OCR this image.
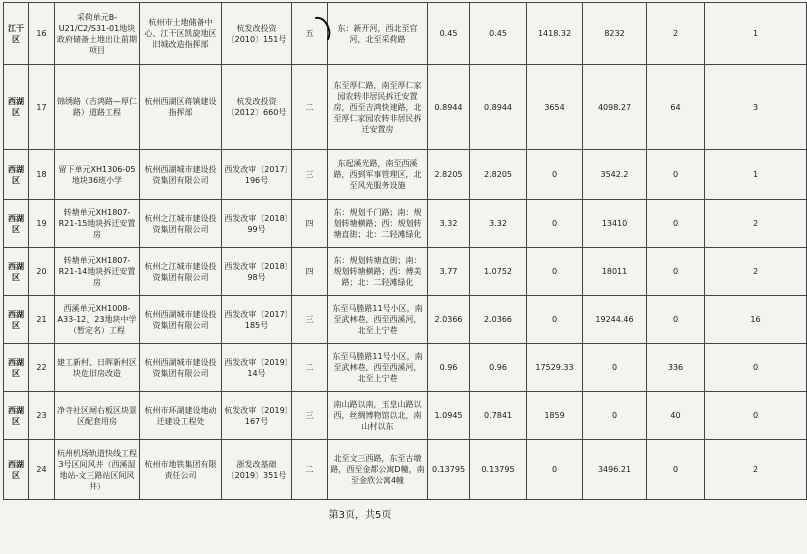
江干区	16	采荷单元B-U21/C2/S31-01地块政府储备土地出让前期项目	杭州市土地储备中心、江干区凯旋地区旧城改造指挥部	杭发改投资〔2010〕151号	五	东：新开河，西北至官河，北至采荷路	0.45	0.45	1418.32	8232	2	1
西湖区	17	锦绣路（吉鸿路—厚仁路）道路工程	杭州西湖区蒋镇建设指挥部	杭发改投资〔2012〕660号	二	东至厚仁路，南至厚仁家园农转非居民拆迁安置房，西至吉鸿快速路，北至厚仁家园农转非居民拆迁安置房	0.8944	0.8944	3654	4098.27	64	3
西湖区	18	留下单元XH1306-05地块36班小学	杭州西湖城市建设投资集团有限公司	西发改审〔2017〕196号	三	东起溪光路，南至西溪路，西到军事管理区，北至风光服务设施	2.8205	2.8205	0	3542.2	0	1
西湖区	19	转塘单元XH1807-R21-15地块拆迁安置房	杭州之江城市建设投资集团有限公司	西发改审〔2018〕99号	四	东：规划千门路；南：规划转塘横路；西：规划转塘直街；北：二轻滩绿化	3.32	3.32	0	13410	0	2
西湖区	20	转塘单元XH1807-R21-14地块拆迁安置房	杭州之江城市建设投资集团有限公司	西发改审〔2018〕98号	四	东：规划转塘直街；南：规划转塘横路；西：傅美路；北：二轻滩绿化	3.77	1.0752	0	18011	0	2
西湖区	21	西溪单元XH1008-A33-12、23地块中学（暂定名）工程	杭州西湖城市建设投资集团有限公司	西发改审〔2017〕185号	三	东至马塍路11号小区，南至武林巷，西至西溪河，北至上宁巷	2.0366	2.0366	0	19244.46	0	16
西湖区	22	建工新村、日晖新村区块危旧房改造	杭州西湖城市建设投资集团有限公司	西发改审〔2019〕14号	二	东至马塍路11号小区，南至武林巷，西至西溪河，北至上宁巷	0.96	0.96	17529.33	0	336	0
西湖区	23	净寺社区闸右板区块景区配套用房	杭州市环湖建设地动迁建设工程处	杭发改审〔2019〕167号	三	南山路以南，玉皇山路以西，丝绸博物馆以北，南山村以东	1.0945	0.7841	1859	0	40	0
西湖区	24	杭州机场轨道快线工程3号区间风井（西溪湿地站-文三路站区间风井）	杭州市地铁集团有限责任公司	浙发改基础〔2019〕351号	二	北至文三西路，东至古墩路，西至金都公寓D幢，南至金欣公寓4幢	0.13795	0.13795	0	3496.21	0	2
第3页，共5页
